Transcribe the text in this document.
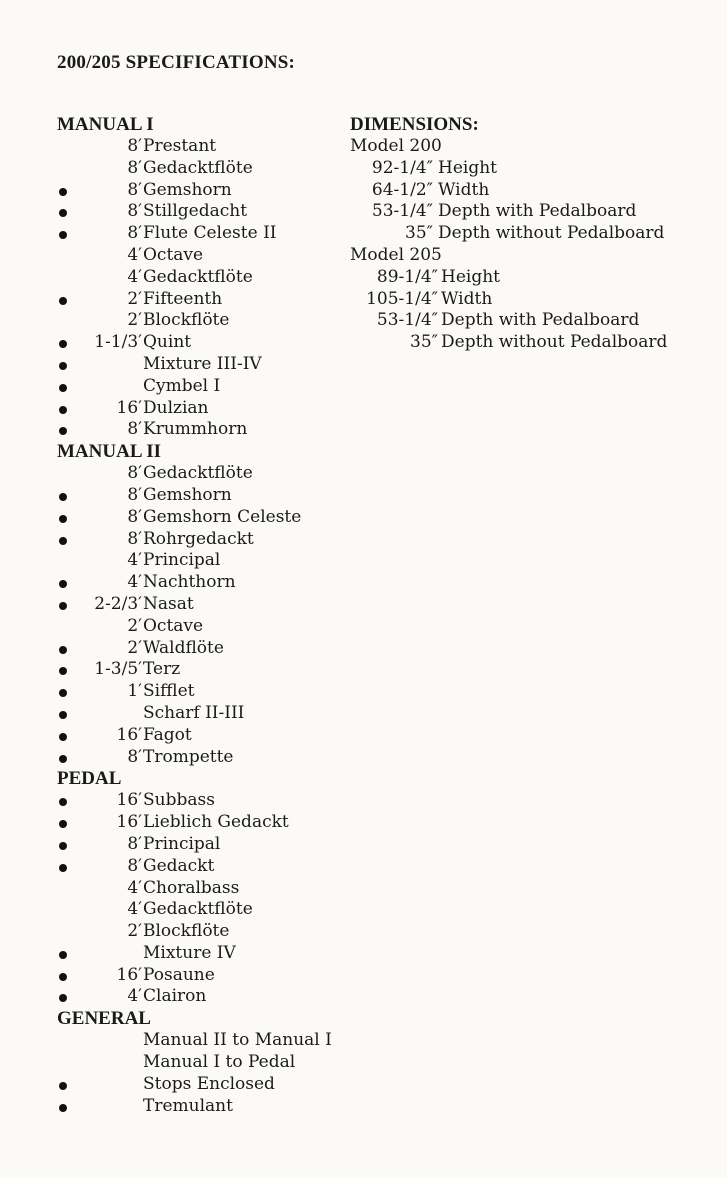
200/205 SPECIFICATIONS:
MANUAL I
8′ Prestant
8′ Gedacktflöte
8′ Gemshorn
8′ Stillgedacht
8′ Flute Celeste II
4′ Octave
4′ Gedacktflöte
2′ Fifteenth
2′ Blockflöte
1-1/3′ Quint
Mixture III-IV
Cymbel I
16′ Dulzian
8′ Krummhorn
MANUAL II
8′ Gedacktflöte
8′ Gemshorn
8′ Gemshorn Celeste
8′ Rohrgedackt
4′ Principal
4′ Nachthorn
2-2/3′ Nasat
2′ Octave
2′ Waldflöte
1-3/5′ Terz
1′ Sifflet
Scharf II-III
16′ Fagot
8′ Trompette
PEDAL
16′ Subbass
16′ Lieblich Gedackt
8′ Principal
8′ Gedackt
4′ Choralbass
4′ Gedacktflöte
2′ Blockflöte
Mixture IV
16′ Posaune
4′ Clairon
GENERAL
Manual II to Manual I
Manual I to Pedal
Stops Enclosed
Tremulant
DIMENSIONS:
Model 200
92-1/4″ Height
64-1/2″ Width
53-1/4″ Depth with Pedalboard
35″ Depth without Pedalboard
Model 205
89-1/4″ Height
105-1/4″ Width
53-1/4″ Depth with Pedalboard
35″ Depth without Pedalboard
